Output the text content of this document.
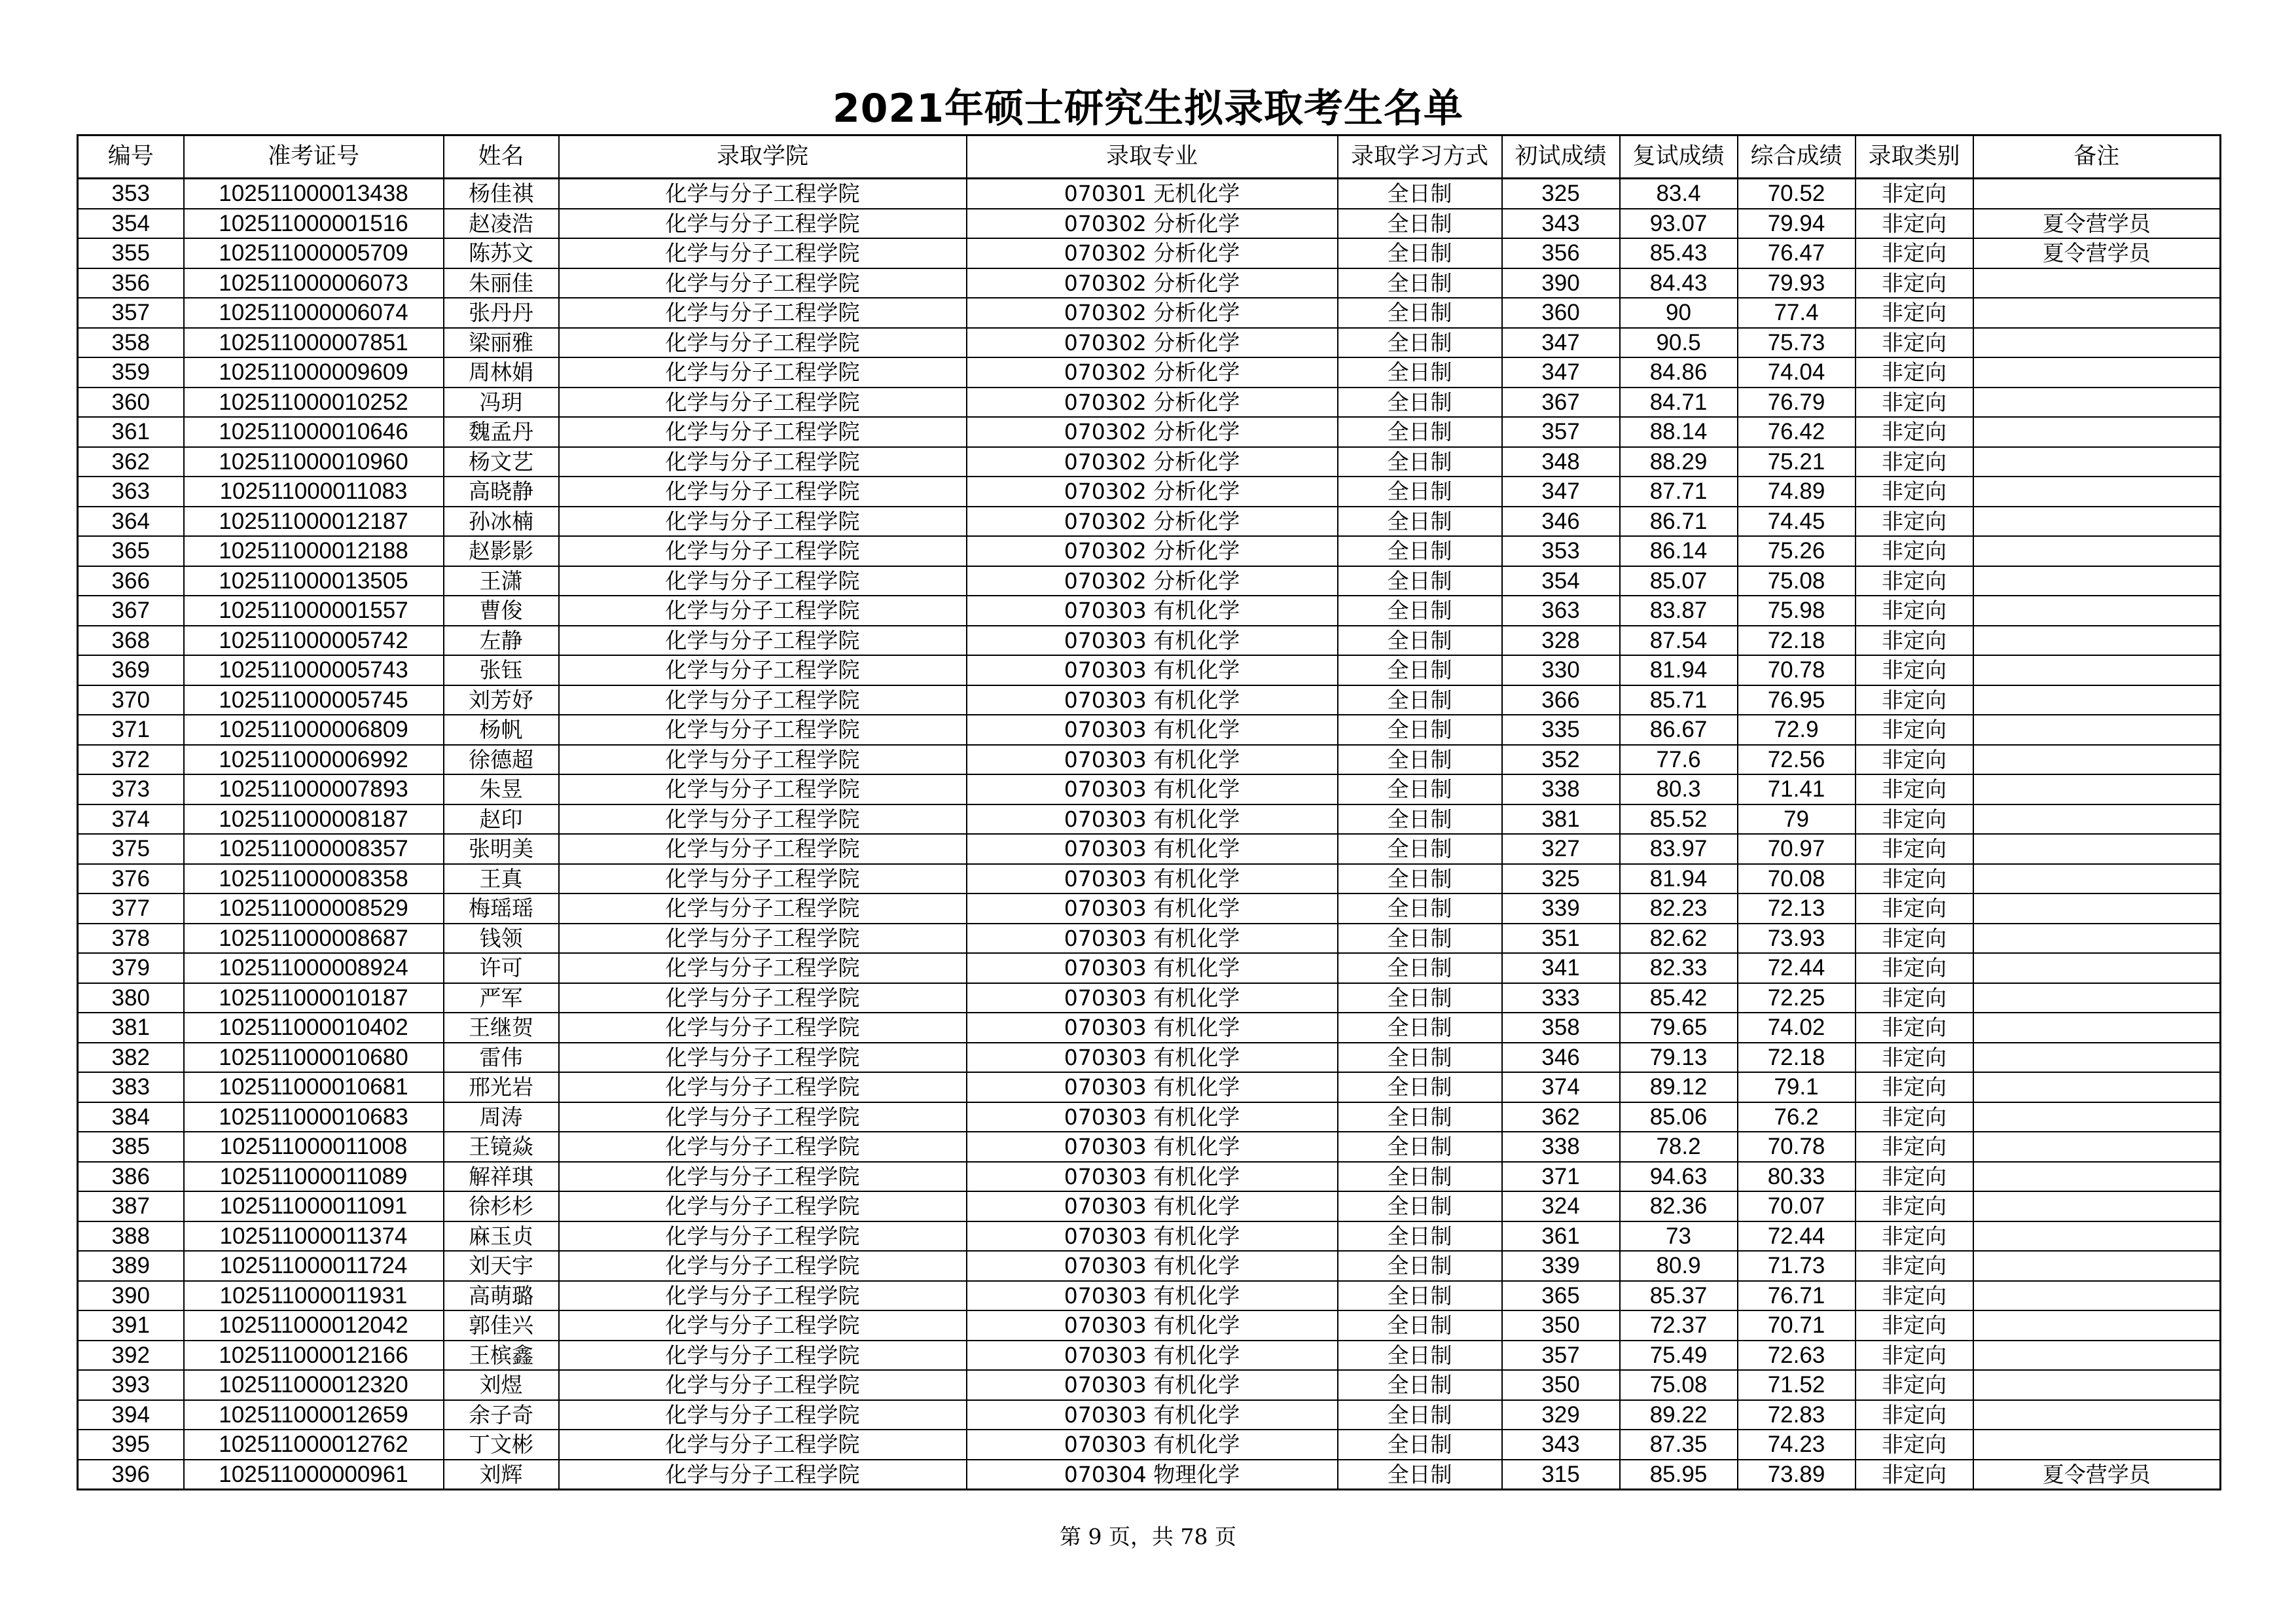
2021年硕士研究生拟录取考生名单
编号	准考证号	姓名	录取学院	录取专业	录取学习方式	初试成绩	复试成绩	综合成绩	录取类别	备注
353	102511000013438	杨佳祺	化学与分子工程学院	070301 无机化学	全日制	325	83.4	70.52	非定向	
354	102511000001516	赵凌浩	化学与分子工程学院	070302 分析化学	全日制	343	93.07	79.94	非定向	夏令营学员
355	102511000005709	陈苏文	化学与分子工程学院	070302 分析化学	全日制	356	85.43	76.47	非定向	夏令营学员
356	102511000006073	朱丽佳	化学与分子工程学院	070302 分析化学	全日制	390	84.43	79.93	非定向	
357	102511000006074	张丹丹	化学与分子工程学院	070302 分析化学	全日制	360	90	77.4	非定向	
358	102511000007851	梁丽雅	化学与分子工程学院	070302 分析化学	全日制	347	90.5	75.73	非定向	
359	102511000009609	周林娟	化学与分子工程学院	070302 分析化学	全日制	347	84.86	74.04	非定向	
360	102511000010252	冯玥	化学与分子工程学院	070302 分析化学	全日制	367	84.71	76.79	非定向	
361	102511000010646	魏孟丹	化学与分子工程学院	070302 分析化学	全日制	357	88.14	76.42	非定向	
362	102511000010960	杨文艺	化学与分子工程学院	070302 分析化学	全日制	348	88.29	75.21	非定向	
363	102511000011083	高晓静	化学与分子工程学院	070302 分析化学	全日制	347	87.71	74.89	非定向	
364	102511000012187	孙冰楠	化学与分子工程学院	070302 分析化学	全日制	346	86.71	74.45	非定向	
365	102511000012188	赵影影	化学与分子工程学院	070302 分析化学	全日制	353	86.14	75.26	非定向	
366	102511000013505	王潇	化学与分子工程学院	070302 分析化学	全日制	354	85.07	75.08	非定向	
367	102511000001557	曹俊	化学与分子工程学院	070303 有机化学	全日制	363	83.87	75.98	非定向	
368	102511000005742	左静	化学与分子工程学院	070303 有机化学	全日制	328	87.54	72.18	非定向	
369	102511000005743	张钰	化学与分子工程学院	070303 有机化学	全日制	330	81.94	70.78	非定向	
370	102511000005745	刘芳妤	化学与分子工程学院	070303 有机化学	全日制	366	85.71	76.95	非定向	
371	102511000006809	杨帆	化学与分子工程学院	070303 有机化学	全日制	335	86.67	72.9	非定向	
372	102511000006992	徐德超	化学与分子工程学院	070303 有机化学	全日制	352	77.6	72.56	非定向	
373	102511000007893	朱昱	化学与分子工程学院	070303 有机化学	全日制	338	80.3	71.41	非定向	
374	102511000008187	赵印	化学与分子工程学院	070303 有机化学	全日制	381	85.52	79	非定向	
375	102511000008357	张明美	化学与分子工程学院	070303 有机化学	全日制	327	83.97	70.97	非定向	
376	102511000008358	王真	化学与分子工程学院	070303 有机化学	全日制	325	81.94	70.08	非定向	
377	102511000008529	梅瑶瑶	化学与分子工程学院	070303 有机化学	全日制	339	82.23	72.13	非定向	
378	102511000008687	钱领	化学与分子工程学院	070303 有机化学	全日制	351	82.62	73.93	非定向	
379	102511000008924	许可	化学与分子工程学院	070303 有机化学	全日制	341	82.33	72.44	非定向	
380	102511000010187	严军	化学与分子工程学院	070303 有机化学	全日制	333	85.42	72.25	非定向	
381	102511000010402	王继贺	化学与分子工程学院	070303 有机化学	全日制	358	79.65	74.02	非定向	
382	102511000010680	雷伟	化学与分子工程学院	070303 有机化学	全日制	346	79.13	72.18	非定向	
383	102511000010681	邢光岩	化学与分子工程学院	070303 有机化学	全日制	374	89.12	79.1	非定向	
384	102511000010683	周涛	化学与分子工程学院	070303 有机化学	全日制	362	85.06	76.2	非定向	
385	102511000011008	王镜焱	化学与分子工程学院	070303 有机化学	全日制	338	78.2	70.78	非定向	
386	102511000011089	解祥琪	化学与分子工程学院	070303 有机化学	全日制	371	94.63	80.33	非定向	
387	102511000011091	徐杉杉	化学与分子工程学院	070303 有机化学	全日制	324	82.36	70.07	非定向	
388	102511000011374	麻玉贞	化学与分子工程学院	070303 有机化学	全日制	361	73	72.44	非定向	
389	102511000011724	刘天宇	化学与分子工程学院	070303 有机化学	全日制	339	80.9	71.73	非定向	
390	102511000011931	高萌璐	化学与分子工程学院	070303 有机化学	全日制	365	85.37	76.71	非定向	
391	102511000012042	郭佳兴	化学与分子工程学院	070303 有机化学	全日制	350	72.37	70.71	非定向	
392	102511000012166	王槟鑫	化学与分子工程学院	070303 有机化学	全日制	357	75.49	72.63	非定向	
393	102511000012320	刘煜	化学与分子工程学院	070303 有机化学	全日制	350	75.08	71.52	非定向	
394	102511000012659	余子奇	化学与分子工程学院	070303 有机化学	全日制	329	89.22	72.83	非定向	
395	102511000012762	丁文彬	化学与分子工程学院	070303 有机化学	全日制	343	87.35	74.23	非定向	
396	102511000000961	刘辉	化学与分子工程学院	070304 物理化学	全日制	315	85.95	73.89	非定向	夏令营学员
第 9 页，共 78 页
